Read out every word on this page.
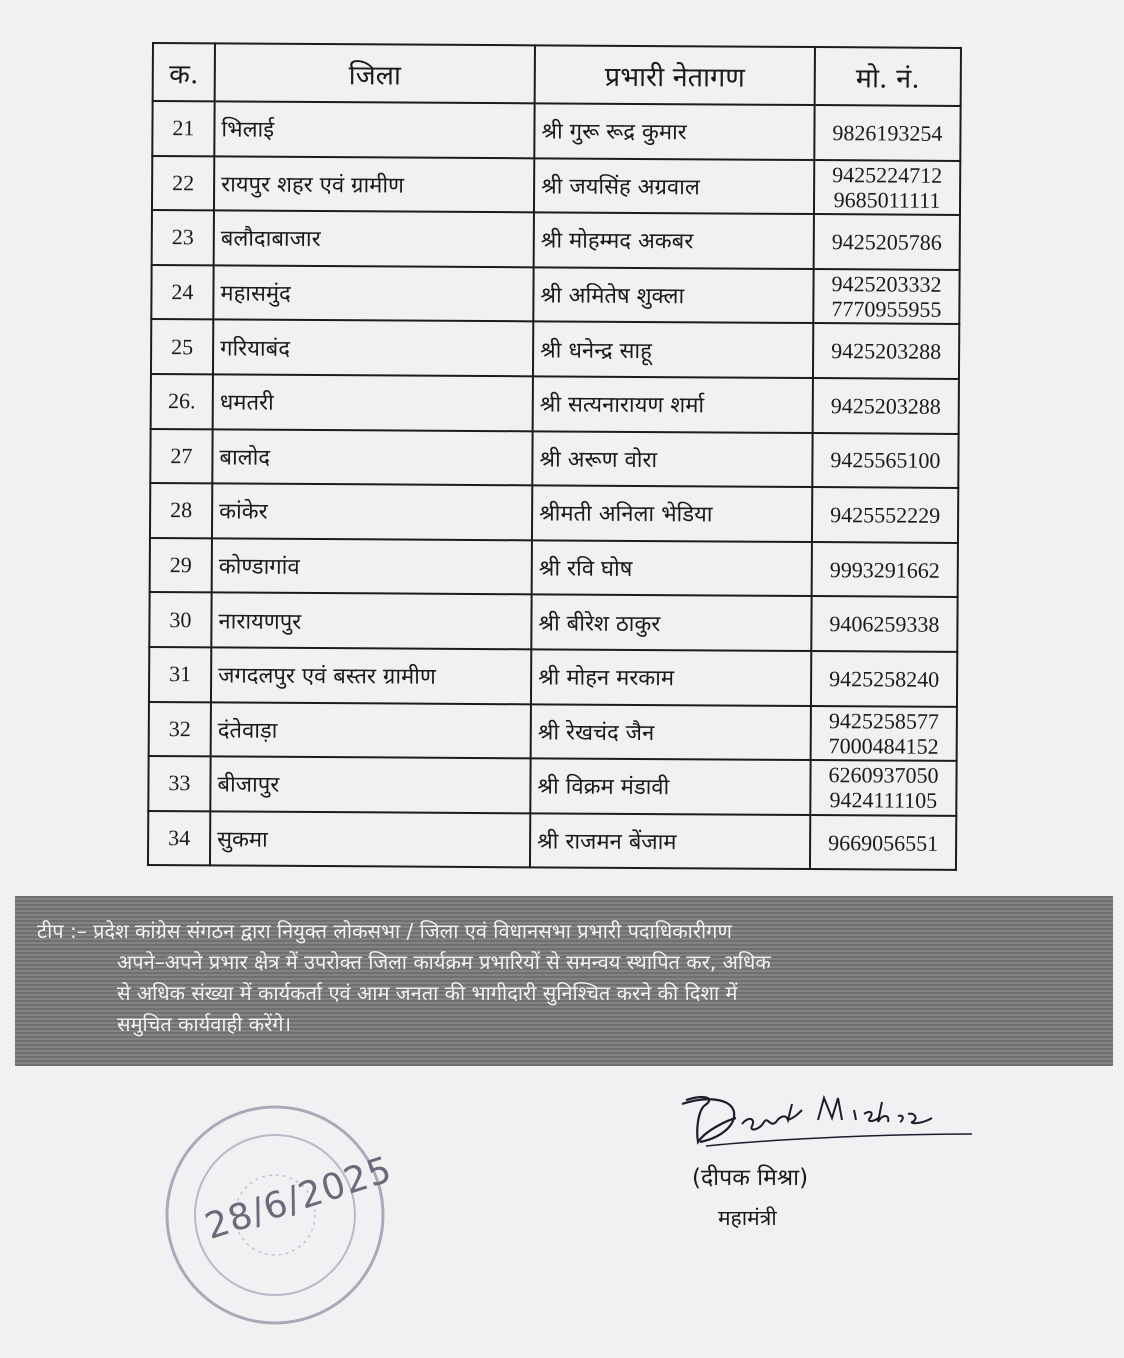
क.	जिला	प्रभारी नेतागण	मो. नं.
21	भिलाई	श्री गुरू रूद्र कुमार	9826193254

22	रायपुर शहर एवं ग्रामीण	श्री जयसिंह अग्रवाल	9425224712
9685011111

23	बलौदाबाजार	श्री मोहम्मद अकबर	9425205786

24	महासमुंद	श्री अमितेष शुक्ला	9425203332
7770955955

25	गरियाबंद	श्री धनेन्द्र साहू	9425203288

26.	धमतरी	श्री सत्यनारायण शर्मा	9425203288

27	बालोद	श्री अरूण वोरा	9425565100

28	कांकेर	श्रीमती अनिला भेडिया	9425552229

29	कोण्डागांव	श्री रवि घोष	9993291662

30	नारायणपुर	श्री बीरेश ठाकुर	9406259338

31	जगदलपुर एवं बस्तर ग्रामीण	श्री मोहन मरकाम	9425258240

32	दंतेवाड़ा	श्री रेखचंद जैन	9425258577
7000484152

33	बीजापुर	श्री विक्रम मंडावी	6260937050
9424111105

34	सुकमा	श्री राजमन बेंजाम	9669056551
टीप :– प्रदेश कांग्रेस संगठन द्वारा नियुक्त लोकसभा / जिला एवं विधानसभा प्रभारी पदाधिकारीगण
अपने–अपने प्रभार क्षेत्र में उपरोक्त जिला कार्यक्रम प्रभारियों से समन्वय स्थापित कर, अधिक
से अधिक संख्या में कार्यकर्ता एवं आम जनता की भागीदारी सुनिश्चित करने की दिशा में
समुचित कार्यवाही करेंगे।
28/6/2025	(दीपक मिश्रा)
महामंत्री
